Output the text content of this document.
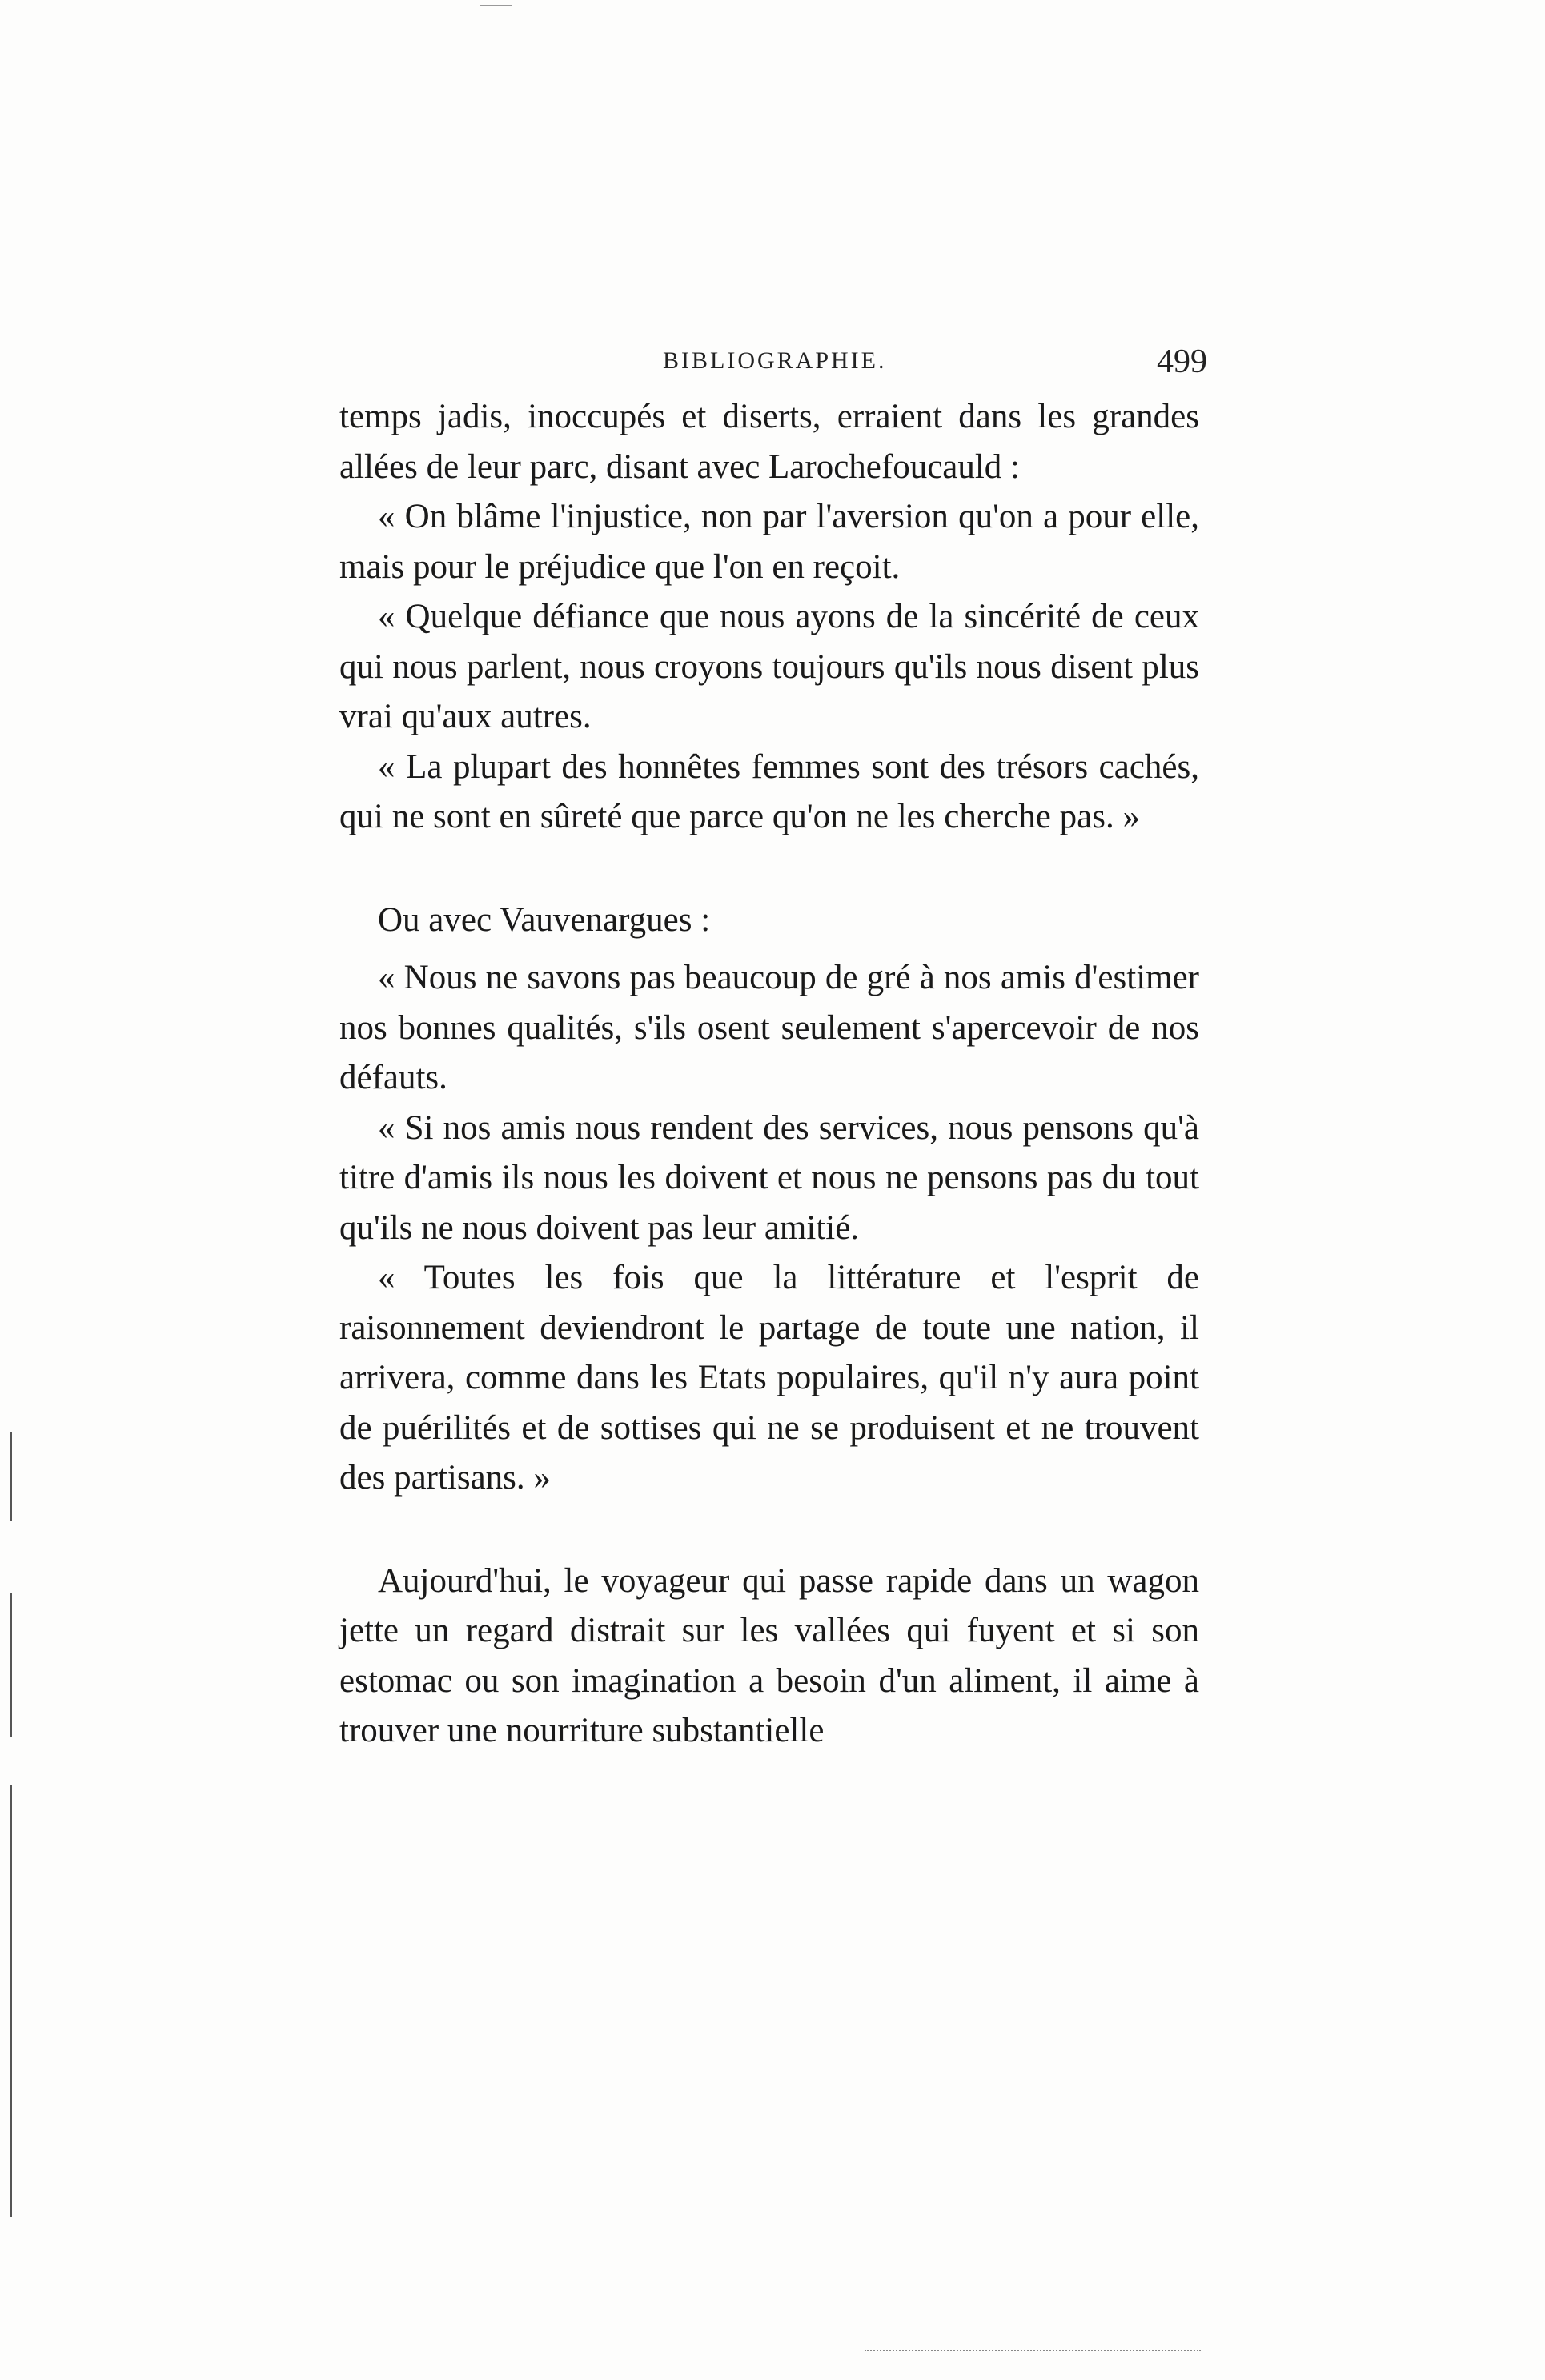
BIBLIOGRAPHIE.	499

temps jadis, inoccupés et diserts, erraient dans les grandes allées de leur parc, disant avec Larochefoucauld :

« On blâme l'injustice, non par l'aversion qu'on a pour elle, mais pour le préjudice que l'on en reçoit.

« Quelque défiance que nous ayons de la sincérité de ceux qui nous parlent, nous croyons toujours qu'ils nous disent plus vrai qu'aux autres.

« La plupart des honnêtes femmes sont des trésors cachés, qui ne sont en sûreté que parce qu'on ne les cherche pas. »

Ou avec Vauvenargues :

« Nous ne savons pas beaucoup de gré à nos amis d'estimer nos bonnes qualités, s'ils osent seulement s'apercevoir de nos défauts.

« Si nos amis nous rendent des services, nous pensons qu'à titre d'amis ils nous les doivent et nous ne pensons pas du tout qu'ils ne nous doivent pas leur amitié.

« Toutes les fois que la littérature et l'esprit de raisonnement deviendront le partage de toute une nation, il arrivera, comme dans les Etats populaires, qu'il n'y aura point de puérilités et de sottises qui ne se produisent et ne trouvent des partisans. »

Aujourd'hui, le voyageur qui passe rapide dans un wagon jette un regard distrait sur les vallées qui fuyent et si son estomac ou son imagination a besoin d'un aliment, il aime à trouver une nourriture substantielle
